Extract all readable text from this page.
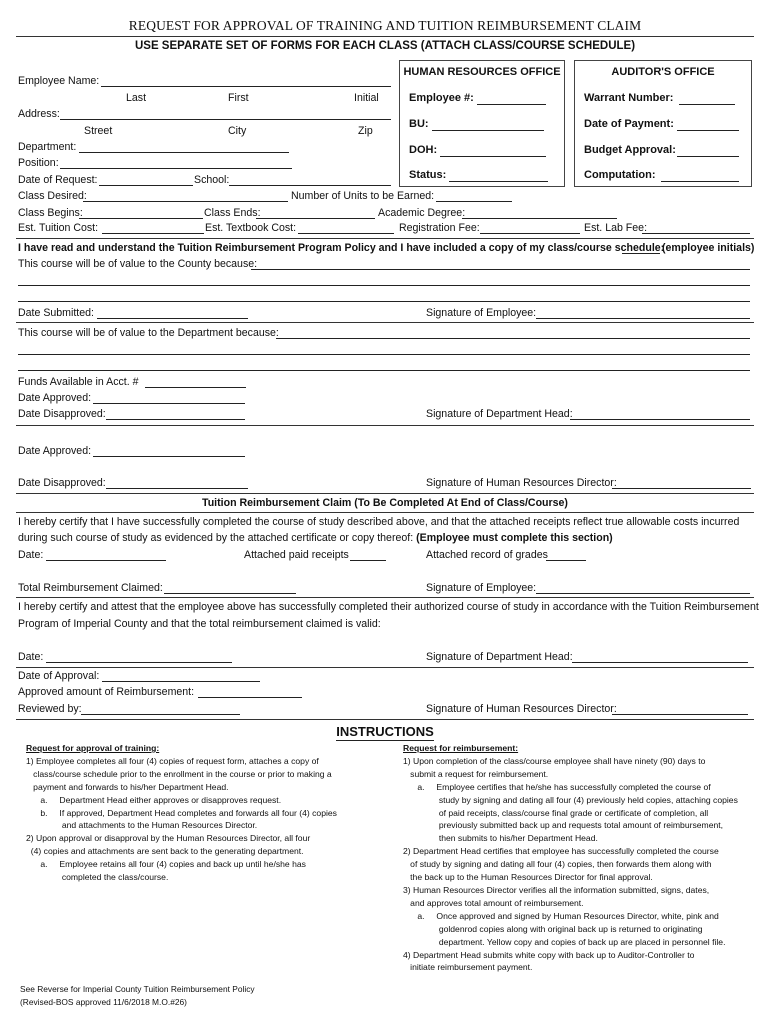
REQUEST FOR APPROVAL OF TRAINING AND TUITION REIMBURSEMENT CLAIM
USE SEPARATE SET OF FORMS FOR EACH CLASS (ATTACH CLASS/COURSE SCHEDULE)
Employee Name:
Last	First	Initial
Address:
Street	City	Zip
Department:
Position:
Date of Request:	School:
HUMAN RESOURCES OFFICE
Employee #:
BU:
DOH:
Status:
AUDITOR'S OFFICE
Warrant Number:
Date of Payment:
Budget Approval:
Computation:
Class Desired:	Number of Units to be Earned:
Class Begins:	Class Ends:	Academic Degree:
Est. Tuition Cost:	Est. Textbook Cost:	Registration Fee:	Est. Lab Fee:
I have read and understand the Tuition Reimbursement Program Policy and I have included a copy of my class/course schedule:
(employee initials)
This course will be of value to the County because:
Date Submitted:	Signature of Employee:
This course will be of value to the Department because:
Funds Available in Acct. #
Date Approved:
Date Disapproved:	Signature of Department Head:
Date Approved:
Date Disapproved:	Signature of Human Resources Director:
Tuition Reimbursement Claim (To Be Completed At End of Class/Course)
I hereby certify that I have successfully completed the course of study described above, and that the attached receipts reflect true allowable costs incurred
during such course of study as evidenced by the attached certificate or copy thereof: (Employee must complete this section)
Date:	Attached paid receipts	Attached record of grades
Total Reimbursement Claimed:	Signature of Employee:
I hereby certify and attest that the employee above has successfully completed their authorized course of study in accordance with the Tuition Reimbursement
Program of Imperial County and that the total reimbursement claimed is valid:
Date:	Signature of Department Head:
Date of Approval:
Approved amount of Reimbursement:
Reviewed by:	Signature of Human Resources Director:
INSTRUCTIONS
Request for approval of training:
1) Employee completes all four (4) copies of request form, attaches a copy of
class/course schedule prior to the enrollment in the course or prior to making a
payment and forwards to his/her Department Head.
a.     Department Head either approves or disapproves request.
b.     If approved, Department Head completes and forwards all four (4) copies
and attachments to the Human Resources Director.
2) Upon approval or disapproval by the Human Resources Director, all four
(4) copies and attachments are sent back to the generating department.
a.     Employee retains all four (4) copies and back up until he/she has
completed the class/course.
Request for reimbursement:
1) Upon completion of the class/course employee shall have ninety (90) days to
submit a request for reimbursement.
a.     Employee certifies that he/she has successfully completed the course of
study by signing and dating all four (4) previously held copies, attaching copies
of paid receipts, class/course final grade or certificate of completion, all
previously submitted back up and requests total amount of reimbursement,
then submits to his/her Department Head.
2) Department Head certifies that employee has successfully completed the course
of study by signing and dating all four (4) copies, then forwards them along with
the back up to the Human Resources Director for final approval.
3) Human Resources Director verifies all the information submitted, signs, dates,
and approves total amount of reimbursement.
a.     Once approved and signed by Human Resources Director, white, pink and
goldenrod copies along with original back up is returned to originating
department. Yellow copy and copies of back up are placed in personnel file.
4) Department Head submits white copy with back up to Auditor-Controller to
initiate reimbursement payment.
See Reverse for Imperial County Tuition Reimbursement Policy
(Revised-BOS approved 11/6/2018 M.O.#26)
